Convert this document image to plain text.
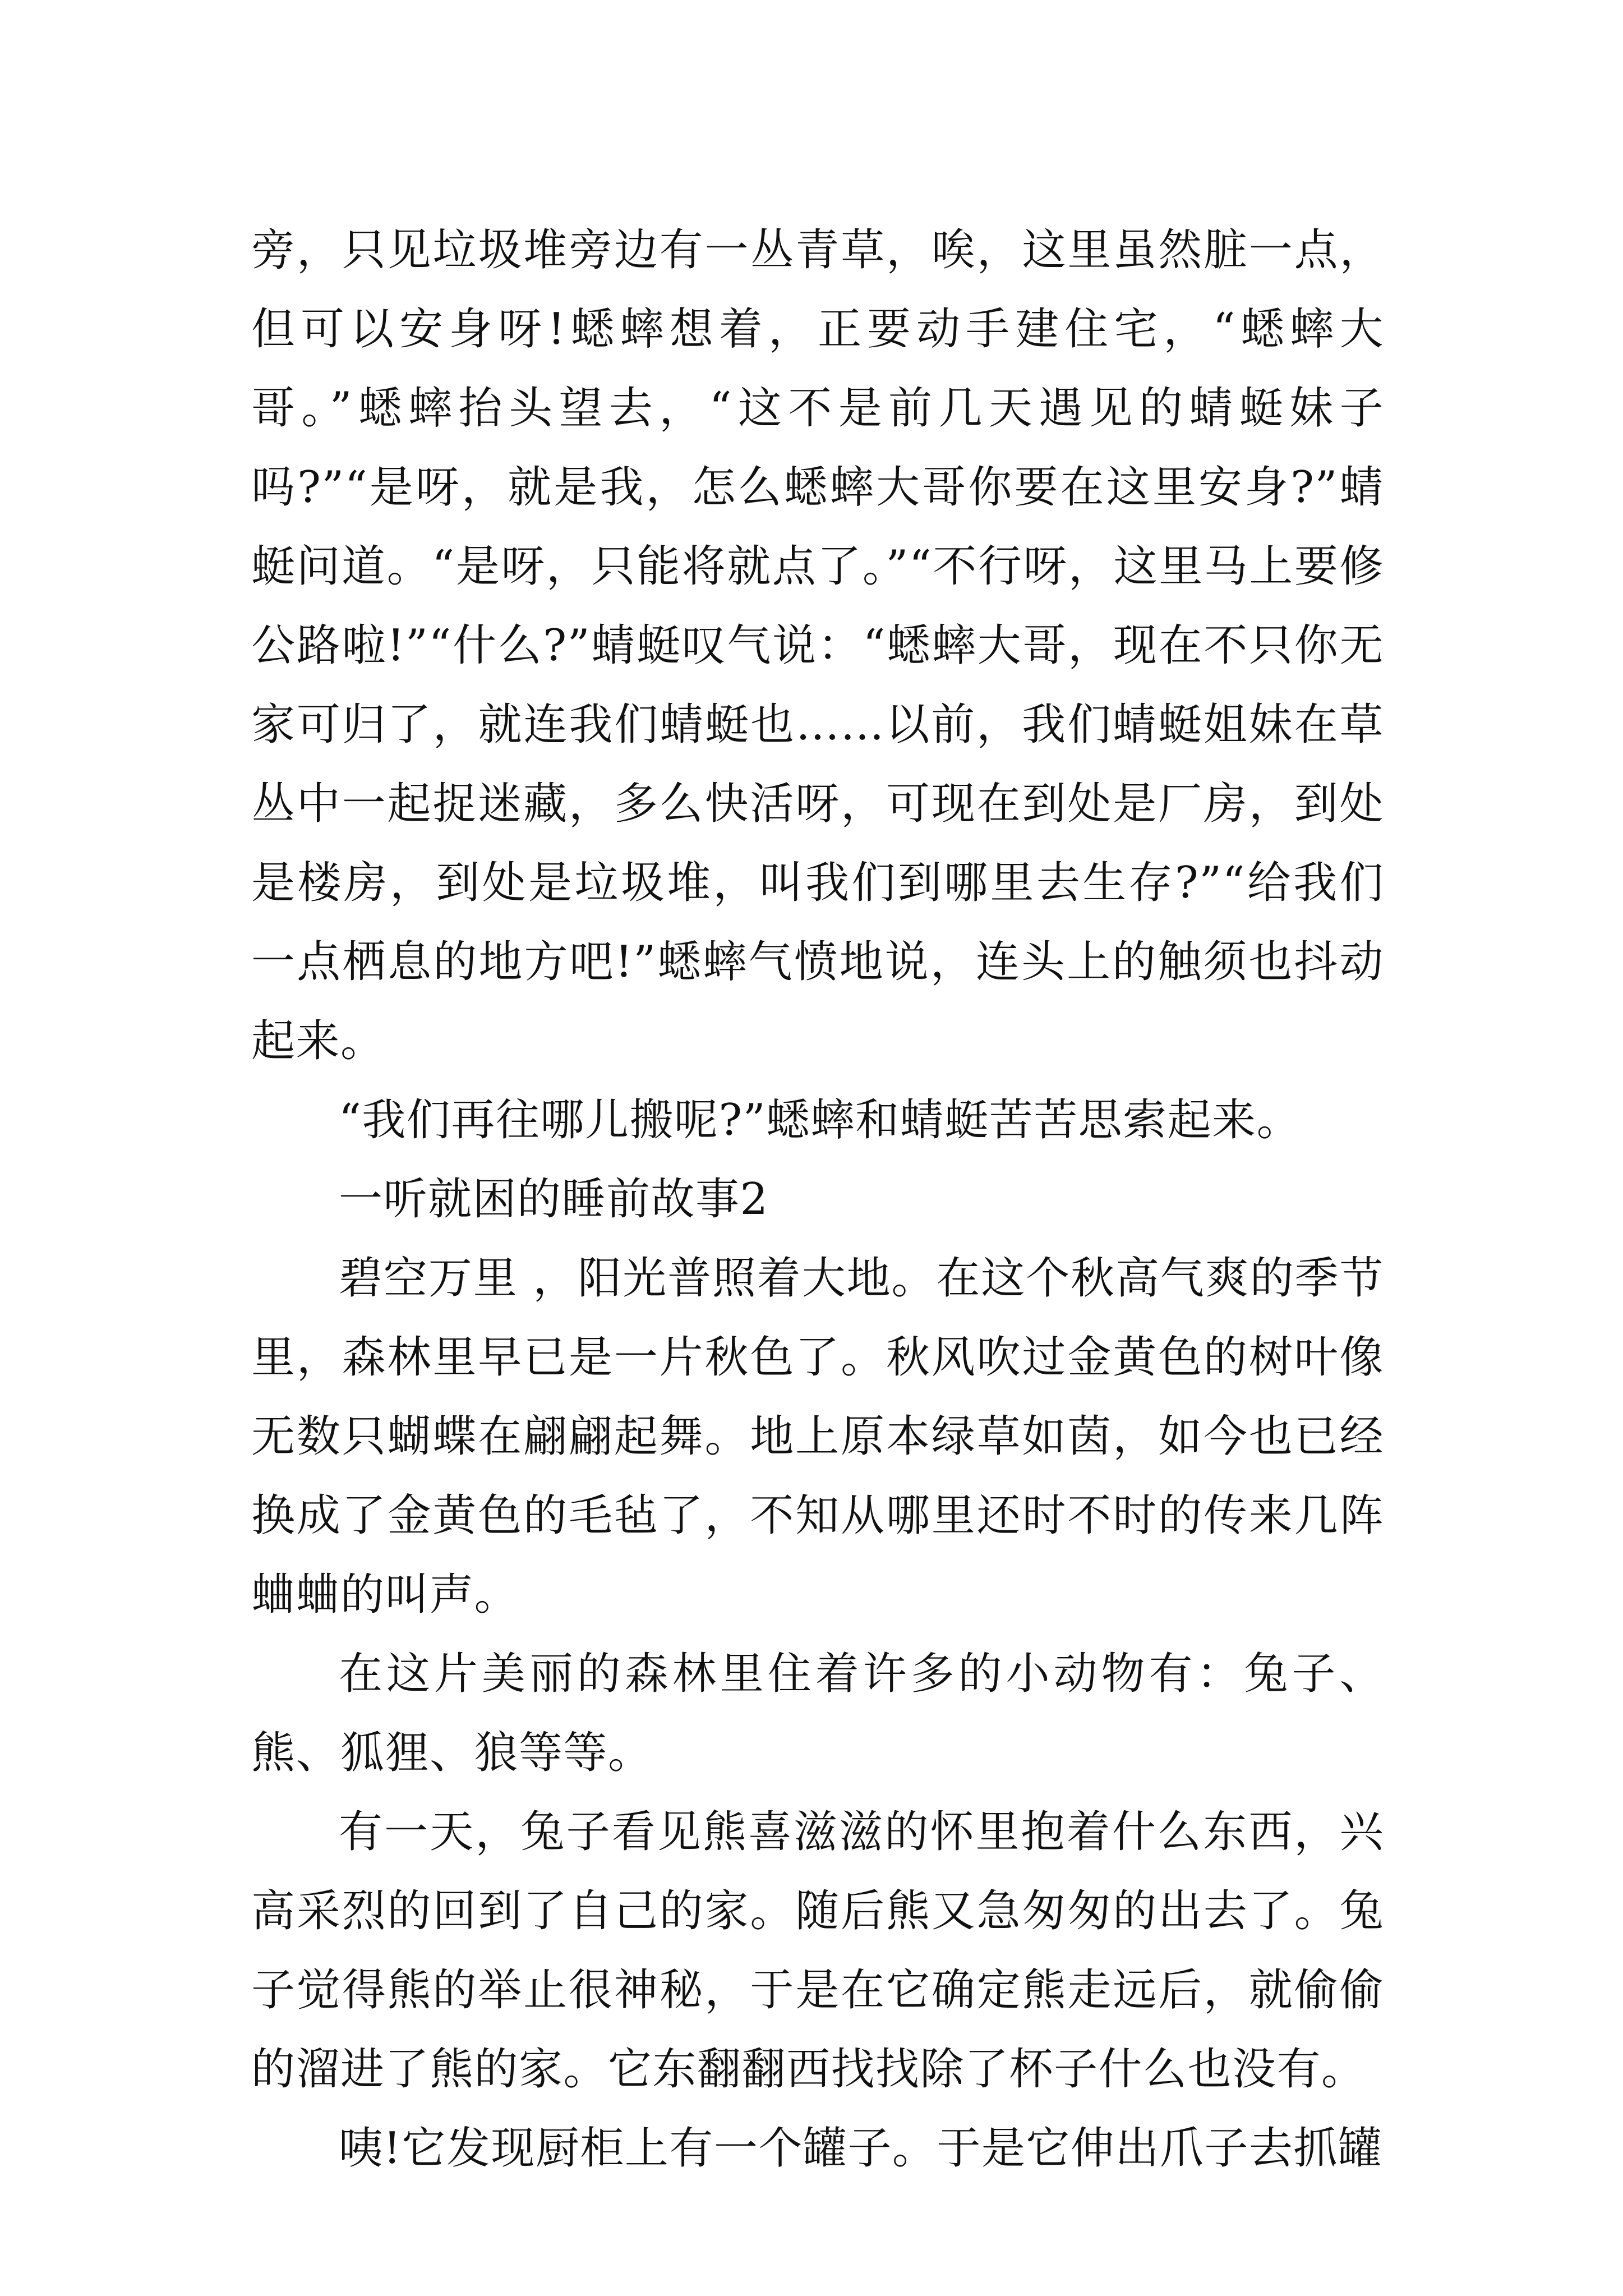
旁，只见垃圾堆旁边有一丛青草，唉，这里虽然脏一点，但可以安身呀!蟋蟀想着，正要动手建住宅，“蟋蟀大哥。”蟋蟀抬头望去，“这不是前几天遇见的蜻蜓妹子吗?”“是呀，就是我，怎么蟋蟀大哥你要在这里安身?”蜻蜓问道。“是呀，只能将就点了。”“不行呀，这里马上要修公路啦!”“什么?”蜻蜓叹气说：“蟋蟀大哥，现在不只你无家可归了，就连我们蜻蜓也……以前，我们蜻蜓姐妹在草丛中一起捉迷藏，多么快活呀，可现在到处是厂房，到处是楼房，到处是垃圾堆，叫我们到哪里去生存?”“给我们一点栖息的地方吧!”蟋蟀气愤地说，连头上的触须也抖动起来。

“我们再往哪儿搬呢?”蟋蟀和蜻蜓苦苦思索起来。

一听就困的睡前故事2

碧空万里 ，阳光普照着大地。在这个秋高气爽的季节里，森林里早已是一片秋色了。秋风吹过金黄色的树叶像无数只蝴蝶在翩翩起舞。地上原本绿草如茵，如今也已经换成了金黄色的毛毡了，不知从哪里还时不时的传来几阵蛐蛐的叫声。

在这片美丽的森林里住着许多的小动物有：兔子、熊、狐狸、狼等等。

有一天，兔子看见熊喜滋滋的怀里抱着什么东西，兴高采烈的回到了自己的家。随后熊又急匆匆的出去了。兔子觉得熊的举止很神秘，于是在它确定熊走远后，就偷偷的溜进了熊的家。它东翻翻西找找除了杯子什么也没有。

咦!它发现厨柜上有一个罐子。于是它伸出爪子去抓罐
